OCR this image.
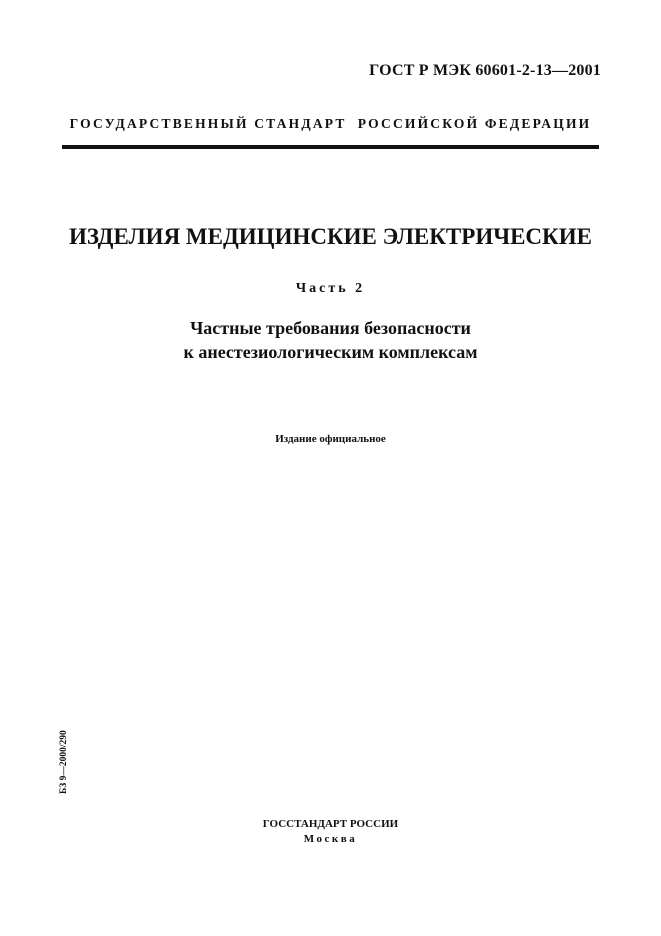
ГОСТ Р МЭК 60601-2-13—2001
ГОСУДАРСТВЕННЫЙ СТАНДАРТ  РОССИЙСКОЙ ФЕДЕРАЦИИ
ИЗДЕЛИЯ МЕДИЦИНСКИЕ ЭЛЕКТРИЧЕСКИЕ
Часть 2
Частные требования безопасности
к анестезиологическим комплексам
Издание официальное
БЗ 9—2000/290
ГОССТАНДАРТ РОССИИ
Москва
